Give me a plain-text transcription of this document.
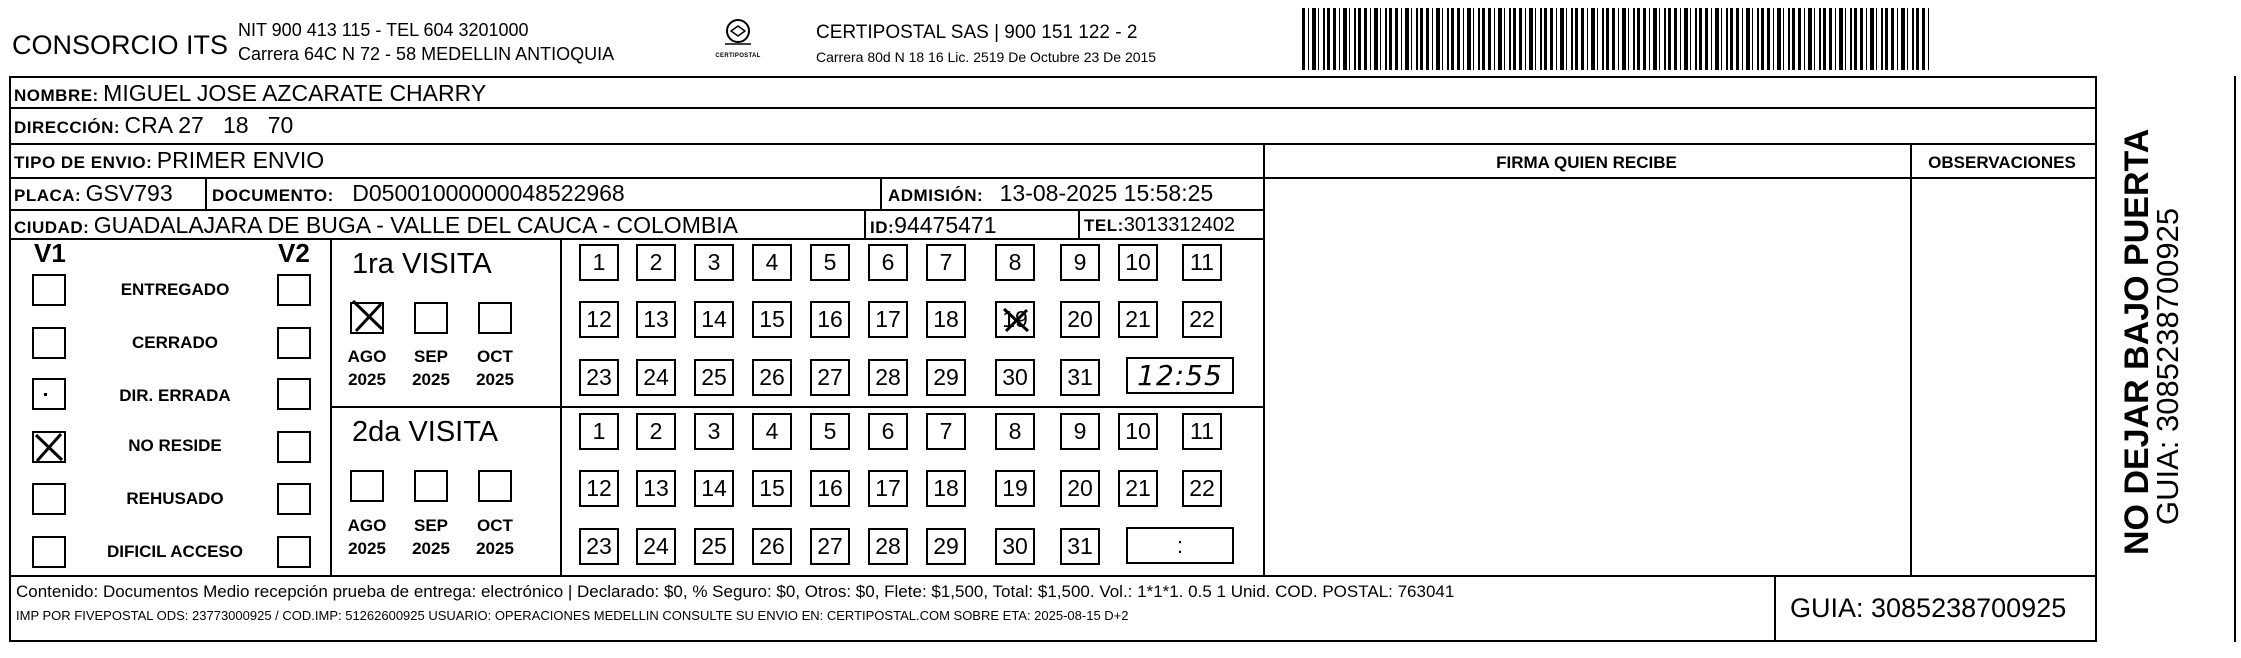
CONSORCIO ITS NIT 900 413 115 - TEL 604 3201000
Carrera 64C N 72 - 58 MEDELLIN ANTIOQUIA	CERTIPOSTAL
CERTIPOSTAL SAS | 900 151 122 - 2
Carrera 80d N 18 16 Lic. 2519 De Octubre 23 De 2015
NOMBRE: MIGUEL JOSE AZCARATE CHARRY
DIRECCIÓN: CRA 27   18   70
TIPO DE ENVIO: PRIMER ENVIO	FIRMA QUIEN RECIBE	OBSERVACIONES
PLACA: GSV793 DOCUMENTO: D05001000000048522968	ADMISIÓN: 13-08-2025 15:58:25
CIUDAD: GUADALAJARA DE BUGA - VALLE DEL CAUCA - COLOMBIA	ID:94475471	TEL:3013312402
V1	V2
ENTREGADO
CERRADO
DIR. ERRADA
NO RESIDE
REHUSADO
DIFICIL ACCESO
1ra VISITA
AGO	SEP	OCT
2025	2025	2025
1	2	3	4	5	6	7	8	9	10	11
12	13	14	15	16	17	18	19	20	21	22
23	24	25	26	27	28	29	30	31	12:55
2da VISITA
AGO	SEP	OCT
2025	2025	2025
1	2	3	4	5	6	7	8	9	10	11
12	13	14	15	16	17	18	19	20	21	22
23	24	25	26	27	28	29	30	31	:
Contenido: Documentos Medio recepción prueba de entrega: electrónico | Declarado: $0, % Seguro: $0, Otros: $0, Flete: $1,500, Total: $1,500. Vol.: 1*1*1. 0.5 1 Unid. COD. POSTAL: 763041
IMP POR FIVEPOSTAL ODS: 23773000925 / COD.IMP: 51262600925 USUARIO: OPERACIONES MEDELLIN CONSULTE SU ENVIO EN: CERTIPOSTAL.COM SOBRE ETA: 2025-08-15 D+2	GUIA: 3085238700925
NO DEJAR BAJO PUERTA
GUIA: 3085238700925
